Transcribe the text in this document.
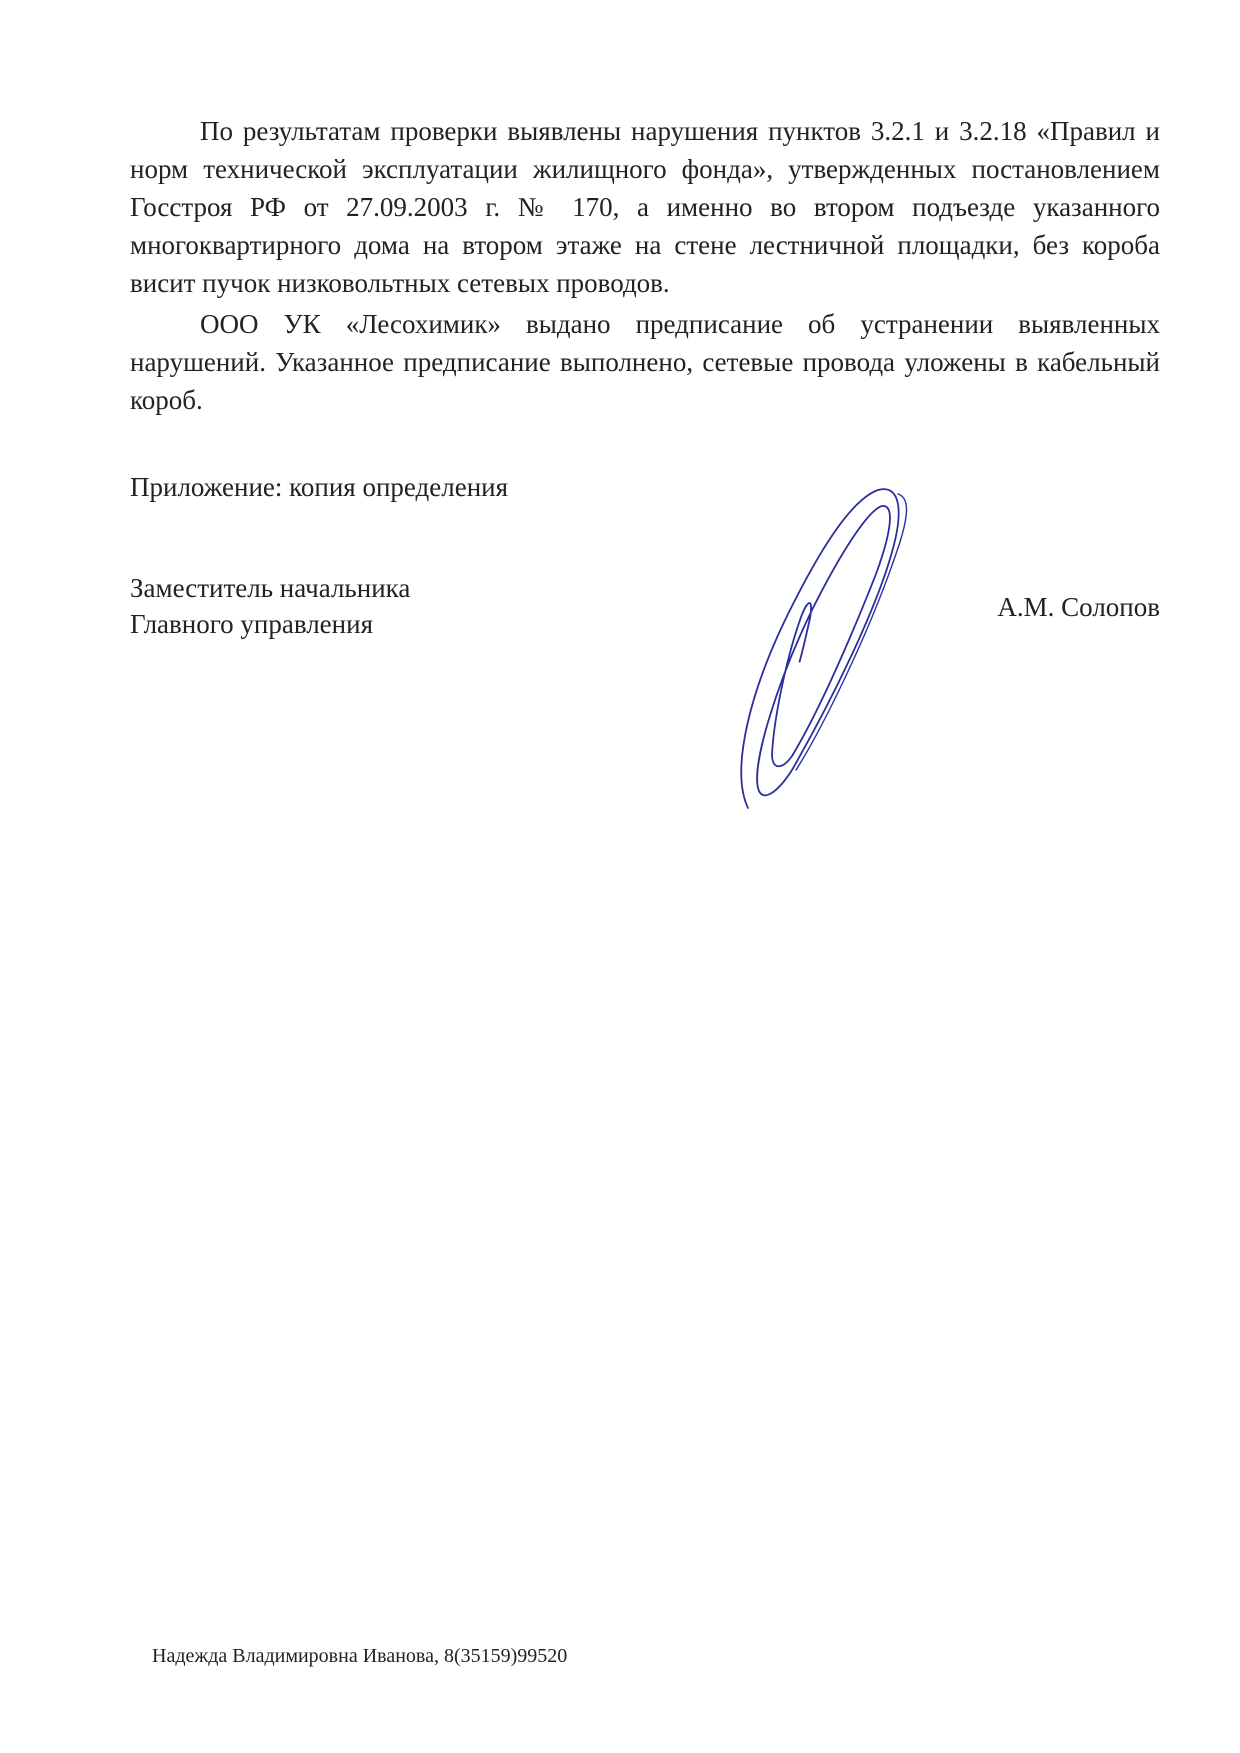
По результатам проверки выявлены нарушения пунктов 3.2.1 и 3.2.18 «Правил и норм технической эксплуатации жилищного фонда», утвержденных постановлением Госстроя РФ от 27.09.2003 г. № 170, а именно во втором подъезде указанного многоквартирного дома на втором этаже на стене лестничной площадки, без короба висит пучок низковольтных сетевых проводов.

ООО УК «Лесохимик» выдано предписание об устранении выявленных нарушений. Указанное предписание выполнено, сетевые провода уложены в кабельный короб.

Приложение: копия определения
Заместитель начальника
Главного управления
А.М. Солопов
Надежда Владимировна Иванова, 8(35159)99520
